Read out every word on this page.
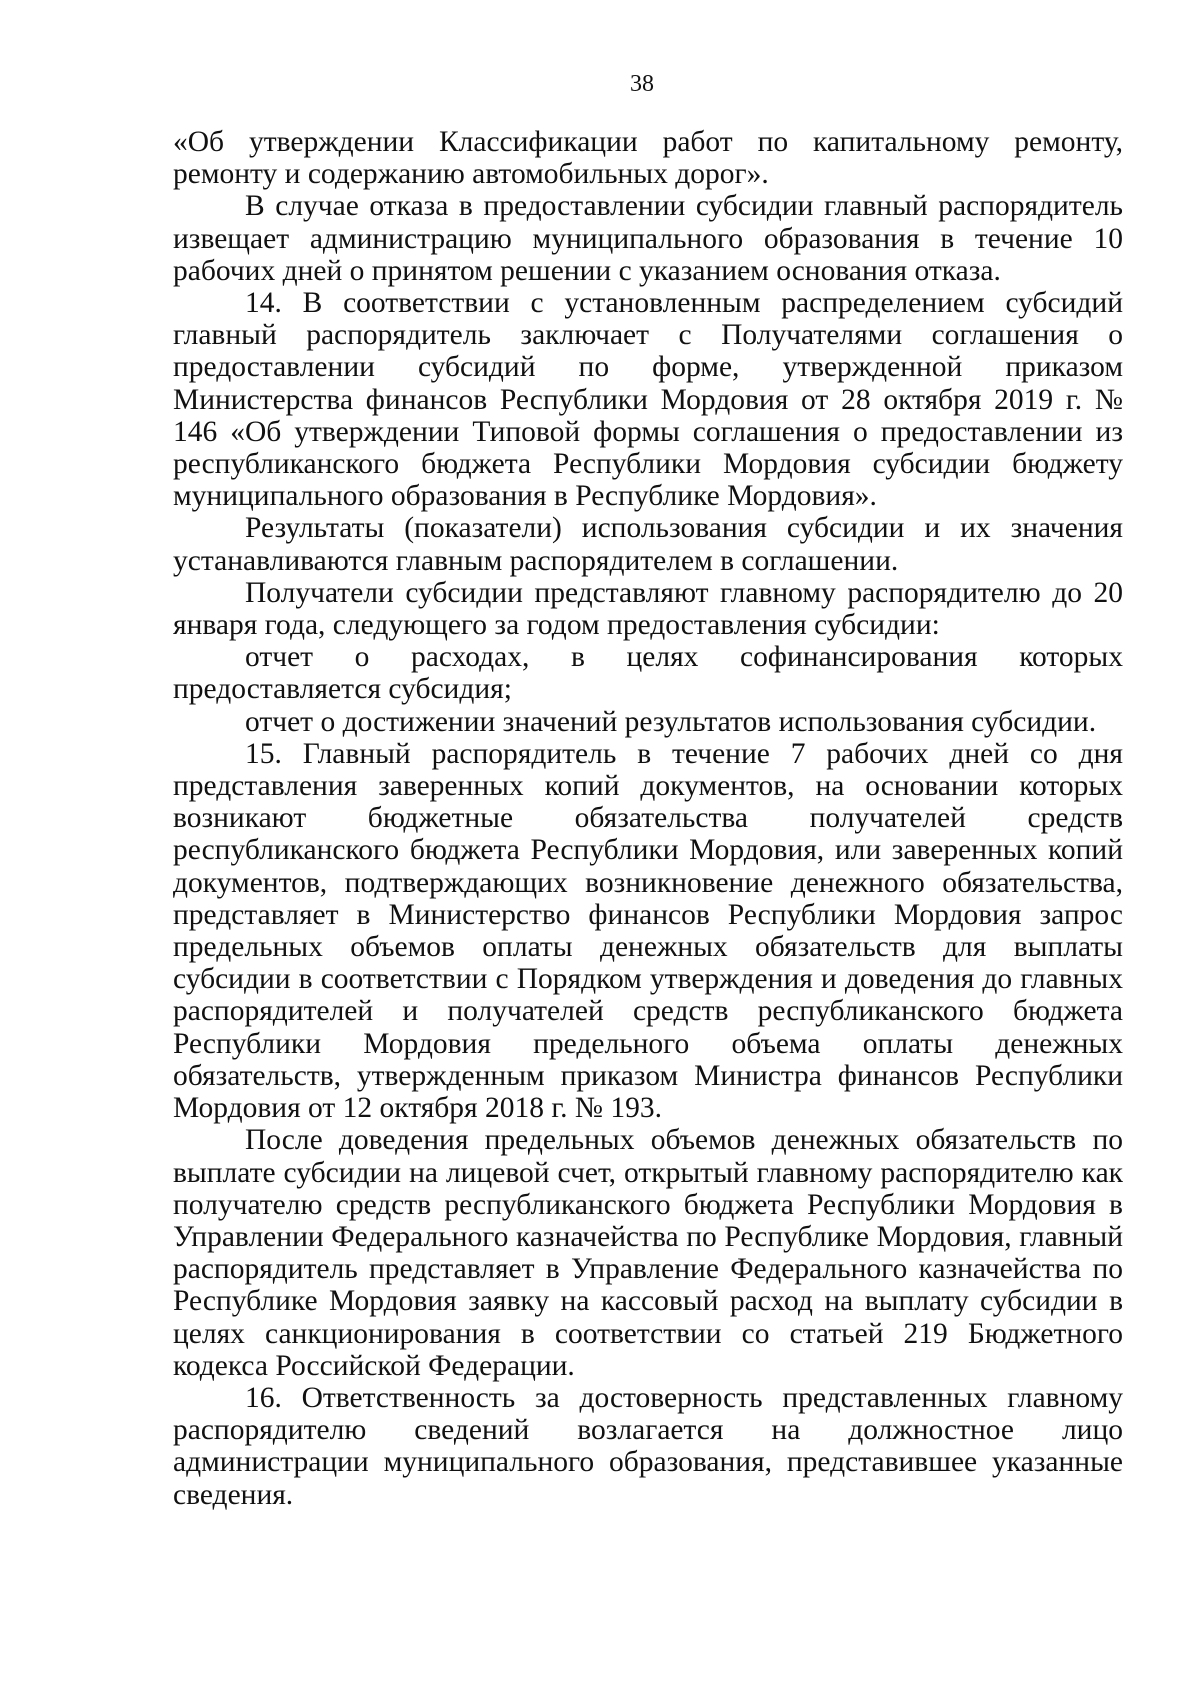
38

«Об утверждении Классификации работ по капитальному ремонту, ремонту и содержанию автомобильных дорог».

В случае отказа в предоставлении субсидии главный распорядитель извещает администрацию муниципального образования в течение 10 рабочих дней о принятом решении с указанием основания отказа.

14. В соответствии с установленным распределением субсидий главный распорядитель заключает с Получателями соглашения о предоставлении субсидий по форме, утвержденной приказом Министерства финансов Республики Мордовия от 28 октября 2019 г. № 146 «Об утверждении Типовой формы соглашения о предоставлении из республиканского бюджета Республики Мордовия субсидии бюджету муниципального образования в Республике Мордовия».

Результаты (показатели) использования субсидии и их значения устанавливаются главным распорядителем в соглашении.

Получатели субсидии представляют главному распорядителю до 20 января года, следующего за годом предоставления субсидии:

отчет о расходах, в целях софинансирования которых предоставляется субсидия;

отчет о достижении значений результатов использования субсидии.

15. Главный распорядитель в течение 7 рабочих дней со дня представления заверенных копий документов, на основании которых возникают бюджетные обязательства получателей средств республиканского бюджета Республики Мордовия, или заверенных копий документов, подтверждающих возникновение денежного обязательства, представляет в Министерство финансов Республики Мордовия запрос предельных объемов оплаты денежных обязательств для выплаты субсидии в соответствии с Порядком утверждения и доведения до главных распорядителей и получателей средств республиканского бюджета Республики Мордовия предельного объема оплаты денежных обязательств, утвержденным приказом Министра финансов Республики Мордовия от 12 октября 2018 г. № 193.

После доведения предельных объемов денежных обязательств по выплате субсидии на лицевой счет, открытый главному распорядителю как получателю средств республиканского бюджета Республики Мордовия в Управлении Федерального казначейства по Республике Мордовия, главный распорядитель представляет в Управление Федерального казначейства по Республике Мордовия заявку на кассовый расход на выплату субсидии в целях санкционирования в соответствии со статьей 219 Бюджетного кодекса Российской Федерации.

16. Ответственность за достоверность представленных главному распорядителю сведений возлагается на должностное лицо администрации муниципального образования, представившее указанные сведения.
